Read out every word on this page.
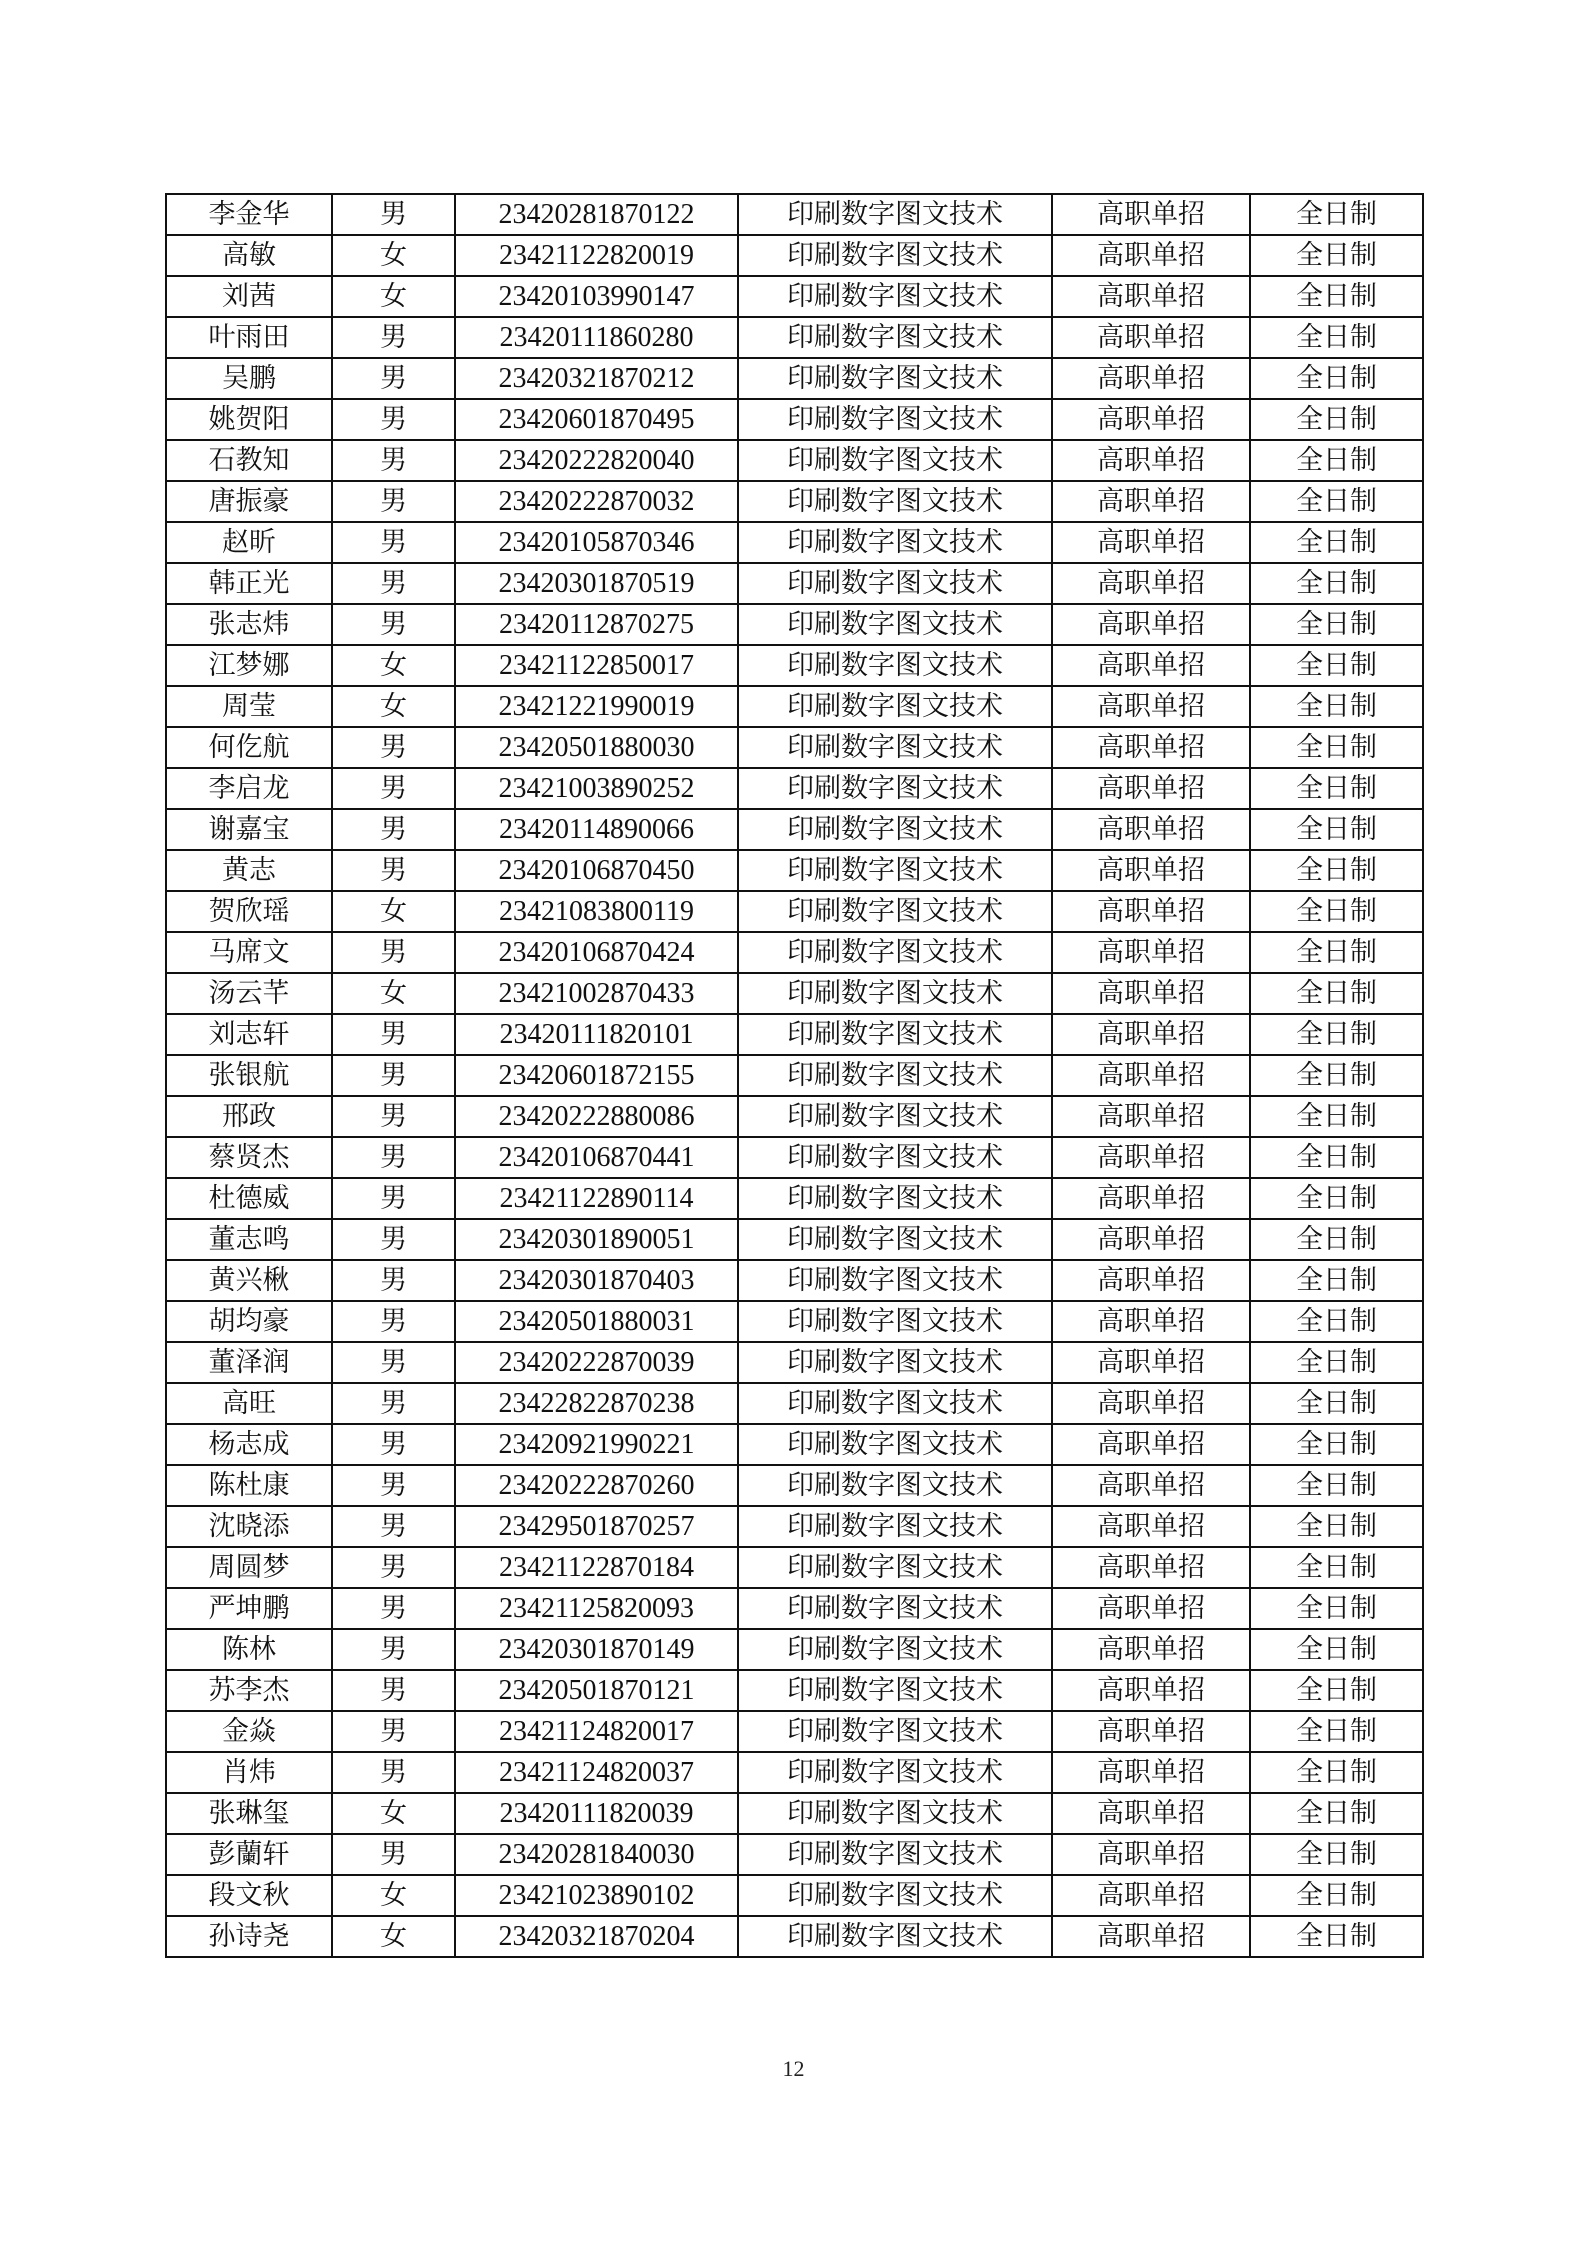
李金华	男	23420281870122	印刷数字图文技术	高职单招	全日制
高敏	女	23421122820019	印刷数字图文技术	高职单招	全日制
刘茜	女	23420103990147	印刷数字图文技术	高职单招	全日制
叶雨田	男	23420111860280	印刷数字图文技术	高职单招	全日制
吴鹏	男	23420321870212	印刷数字图文技术	高职单招	全日制
姚贺阳	男	23420601870495	印刷数字图文技术	高职单招	全日制
石教知	男	23420222820040	印刷数字图文技术	高职单招	全日制
唐振豪	男	23420222870032	印刷数字图文技术	高职单招	全日制
赵昕	男	23420105870346	印刷数字图文技术	高职单招	全日制
韩正光	男	23420301870519	印刷数字图文技术	高职单招	全日制
张志炜	男	23420112870275	印刷数字图文技术	高职单招	全日制
江梦娜	女	23421122850017	印刷数字图文技术	高职单招	全日制
周莹	女	23421221990019	印刷数字图文技术	高职单招	全日制
何仡航	男	23420501880030	印刷数字图文技术	高职单招	全日制
李启龙	男	23421003890252	印刷数字图文技术	高职单招	全日制
谢嘉宝	男	23420114890066	印刷数字图文技术	高职单招	全日制
黄志	男	23420106870450	印刷数字图文技术	高职单招	全日制
贺欣瑶	女	23421083800119	印刷数字图文技术	高职单招	全日制
马席文	男	23420106870424	印刷数字图文技术	高职单招	全日制
汤云芊	女	23421002870433	印刷数字图文技术	高职单招	全日制
刘志轩	男	23420111820101	印刷数字图文技术	高职单招	全日制
张银航	男	23420601872155	印刷数字图文技术	高职单招	全日制
邢政	男	23420222880086	印刷数字图文技术	高职单招	全日制
蔡贤杰	男	23420106870441	印刷数字图文技术	高职单招	全日制
杜德威	男	23421122890114	印刷数字图文技术	高职单招	全日制
董志鸣	男	23420301890051	印刷数字图文技术	高职单招	全日制
黄兴楸	男	23420301870403	印刷数字图文技术	高职单招	全日制
胡均豪	男	23420501880031	印刷数字图文技术	高职单招	全日制
董泽润	男	23420222870039	印刷数字图文技术	高职单招	全日制
高旺	男	23422822870238	印刷数字图文技术	高职单招	全日制
杨志成	男	23420921990221	印刷数字图文技术	高职单招	全日制
陈杜康	男	23420222870260	印刷数字图文技术	高职单招	全日制
沈晓添	男	23429501870257	印刷数字图文技术	高职单招	全日制
周圆梦	男	23421122870184	印刷数字图文技术	高职单招	全日制
严坤鹏	男	23421125820093	印刷数字图文技术	高职单招	全日制
陈林	男	23420301870149	印刷数字图文技术	高职单招	全日制
苏李杰	男	23420501870121	印刷数字图文技术	高职单招	全日制
金焱	男	23421124820017	印刷数字图文技术	高职单招	全日制
肖炜	男	23421124820037	印刷数字图文技术	高职单招	全日制
张琳玺	女	23420111820039	印刷数字图文技术	高职单招	全日制
彭蘭轩	男	23420281840030	印刷数字图文技术	高职单招	全日制
段文秋	女	23421023890102	印刷数字图文技术	高职单招	全日制
孙诗尧	女	23420321870204	印刷数字图文技术	高职单招	全日制
12
